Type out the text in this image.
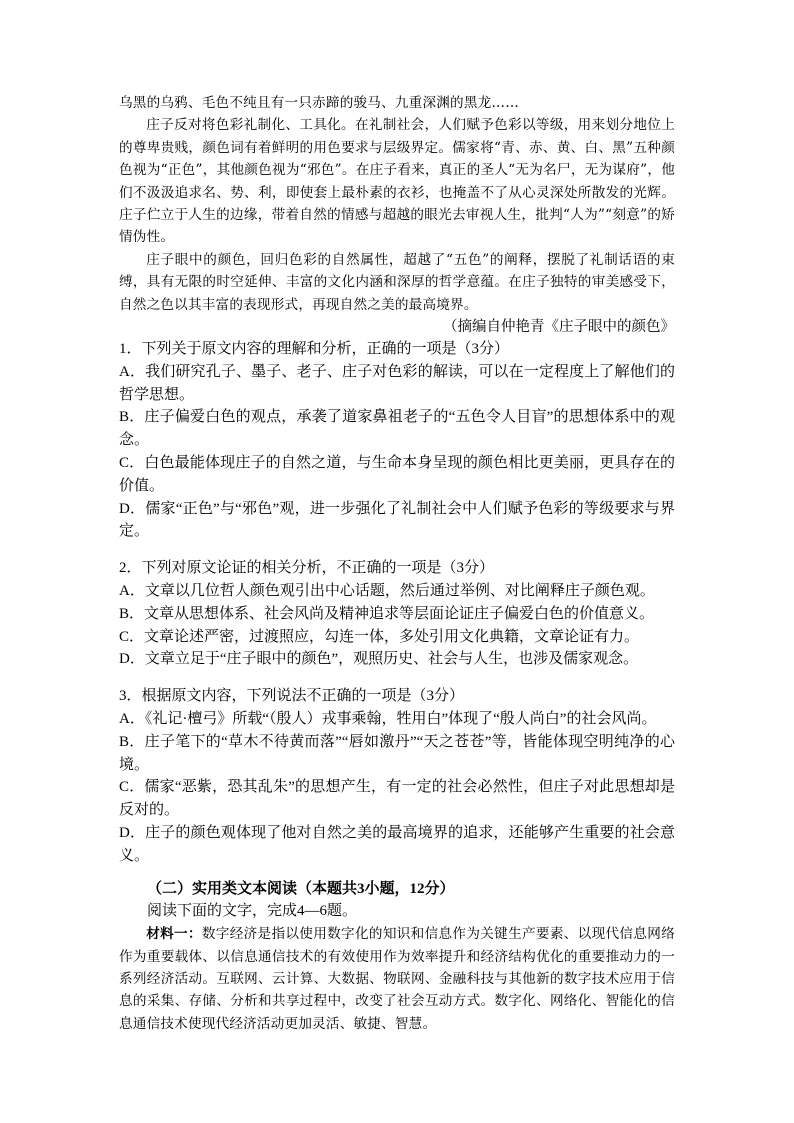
乌黑的乌鸦、毛色不纯且有一只赤蹄的骏马、九重深渊的黑龙……

庄子反对将色彩礼制化、工具化。在礼制社会，人们赋予色彩以等级，用来划分地位上的尊卑贵贱，颜色词有着鲜明的用色要求与层级界定。儒家将“青、赤、黄、白、黑”五种颜色视为“正色”，其他颜色视为“邪色”。在庄子看来，真正的圣人“无为名尸，无为谋府”，他们不汲汲追求名、势、利，即使套上最朴素的衣衫，也掩盖不了从心灵深处所散发的光辉。庄子伫立于人生的边缘，带着自然的情感与超越的眼光去审视人生，批判“人为”“刻意”的矫情伪性。

庄子眼中的颜色，回归色彩的自然属性，超越了“五色”的阐释，摆脱了礼制话语的束缚，具有无限的时空延伸、丰富的文化内涵和深厚的哲学意蕴。在庄子独特的审美感受下，自然之色以其丰富的表现形式，再现自然之美的最高境界。

（摘编自仲艳青《庄子眼中的颜色》

1．下列关于原文内容的理解和分析，正确的一项是（3分）

A．我们研究孔子、墨子、老子、庄子对色彩的解读，可以在一定程度上了解他们的哲学思想。

B．庄子偏爱白色的观点，承袭了道家鼻祖老子的“五色令人目盲”的思想体系中的观念。

C．白色最能体现庄子的自然之道，与生命本身呈现的颜色相比更美丽，更具存在的价值。

D．儒家“正色”与“邪色”观，进一步强化了礼制社会中人们赋予色彩的等级要求与界定。

2．下列对原文论证的相关分析，不正确的一项是（3分）

A．文章以几位哲人颜色观引出中心话题，然后通过举例、对比阐释庄子颜色观。

B．文章从思想体系、社会风尚及精神追求等层面论证庄子偏爱白色的价值意义。

C．文章论述严密，过渡照应，勾连一体，多处引用文化典籍，文章论证有力。

D．文章立足于“庄子眼中的颜色”，观照历史、社会与人生，也涉及儒家观念。

3．根据原文内容，下列说法不正确的一项是（3分）

A．《礼记·檀弓》所载“（殷人）戎事乘翰，牲用白”体现了“殷人尚白”的社会风尚。

B．庄子笔下的“草木不待黄而落”“唇如激丹”“天之苍苍”等，皆能体现空明纯净的心境。

C．儒家“恶紫，恐其乱朱”的思想产生，有一定的社会必然性，但庄子对此思想却是反对的。

D．庄子的颜色观体现了他对自然之美的最高境界的追求，还能够产生重要的社会意义。

（二）实用类文本阅读（本题共3小题，12分）

阅读下面的文字，完成4—6题。

材料一：数字经济是指以使用数字化的知识和信息作为关键生产要素、以现代信息网络作为重要载体、以信息通信技术的有效使用作为效率提升和经济结构优化的重要推动力的一系列经济活动。互联网、云计算、大数据、物联网、金融科技与其他新的数字技术应用于信息的采集、存储、分析和共享过程中，改变了社会互动方式。数字化、网络化、智能化的信息通信技术使现代经济活动更加灵活、敏捷、智慧。
